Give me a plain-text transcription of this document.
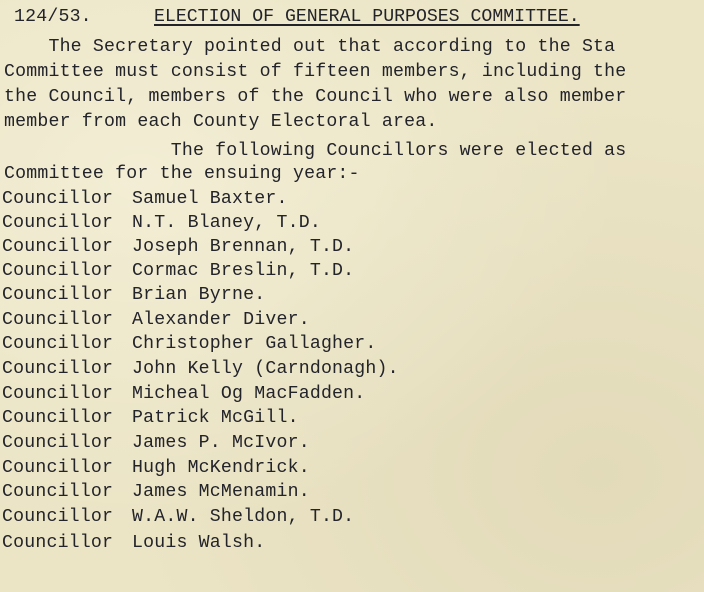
124/53.

	ELECTION OF GENERAL PURPOSES COMMITTEE.

The Secretary pointed out that according to the Sta
Committee must consist of fifteen members, including the
the Council, members of the Council who were also member
member from each County Electoral area.
The following Councillors were elected as
Committee for the ensuing year:-
Councillor Samuel Baxter.
Councillor N.T. Blaney, T.D.
Councillor Joseph Brennan, T.D.
Councillor Cormac Breslin, T.D.
Councillor Brian Byrne.
Councillor Alexander Diver.
Councillor Christopher Gallagher.
Councillor John Kelly (Carndonagh).
Councillor Micheal Og MacFadden.
Councillor Patrick McGill.
Councillor James P. McIvor.
Councillor Hugh McKendrick.
Councillor James McMenamin.
Councillor W.A.W. Sheldon, T.D.
Councillor Louis Walsh.
